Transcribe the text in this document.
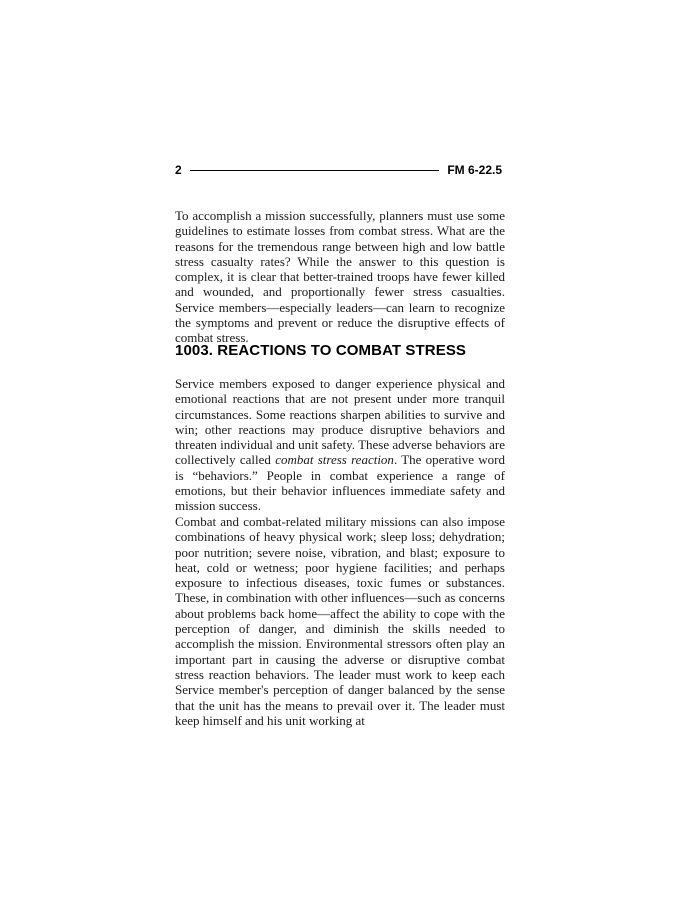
2	FM 6-22.5

To accomplish a mission successfully, planners must use some guidelines to estimate losses from combat stress. What are the reasons for the tremendous range between high and low battle stress casualty rates? While the answer to this question is complex, it is clear that better-trained troops have fewer killed and wounded, and proportionally fewer stress casualties. Service members—especially leaders—can learn to recognize the symptoms and prevent or reduce the disruptive effects of combat stress.

1003. REACTIONS TO COMBAT STRESS

Service members exposed to danger experience physical and emotional reactions that are not present under more tranquil circumstances. Some reactions sharpen abilities to survive and win; other reactions may produce disruptive behaviors and threaten individual and unit safety. These adverse behaviors are collectively called combat stress reaction. The operative word is “behaviors.” People in combat experience a range of emotions, but their behavior influences immediate safety and mission success.

Combat and combat-related military missions can also impose combinations of heavy physical work; sleep loss; dehydration; poor nutrition; severe noise, vibration, and blast; exposure to heat, cold or wetness; poor hygiene facilities; and perhaps exposure to infectious diseases, toxic fumes or substances. These, in combination with other influences—such as concerns about problems back home—affect the ability to cope with the perception of danger, and diminish the skills needed to accomplish the mission. Environmental stressors often play an important part in causing the adverse or disruptive combat stress reaction behaviors. The leader must work to keep each Service member's perception of danger balanced by the sense that the unit has the means to prevail over it. The leader must keep himself and his unit working at
